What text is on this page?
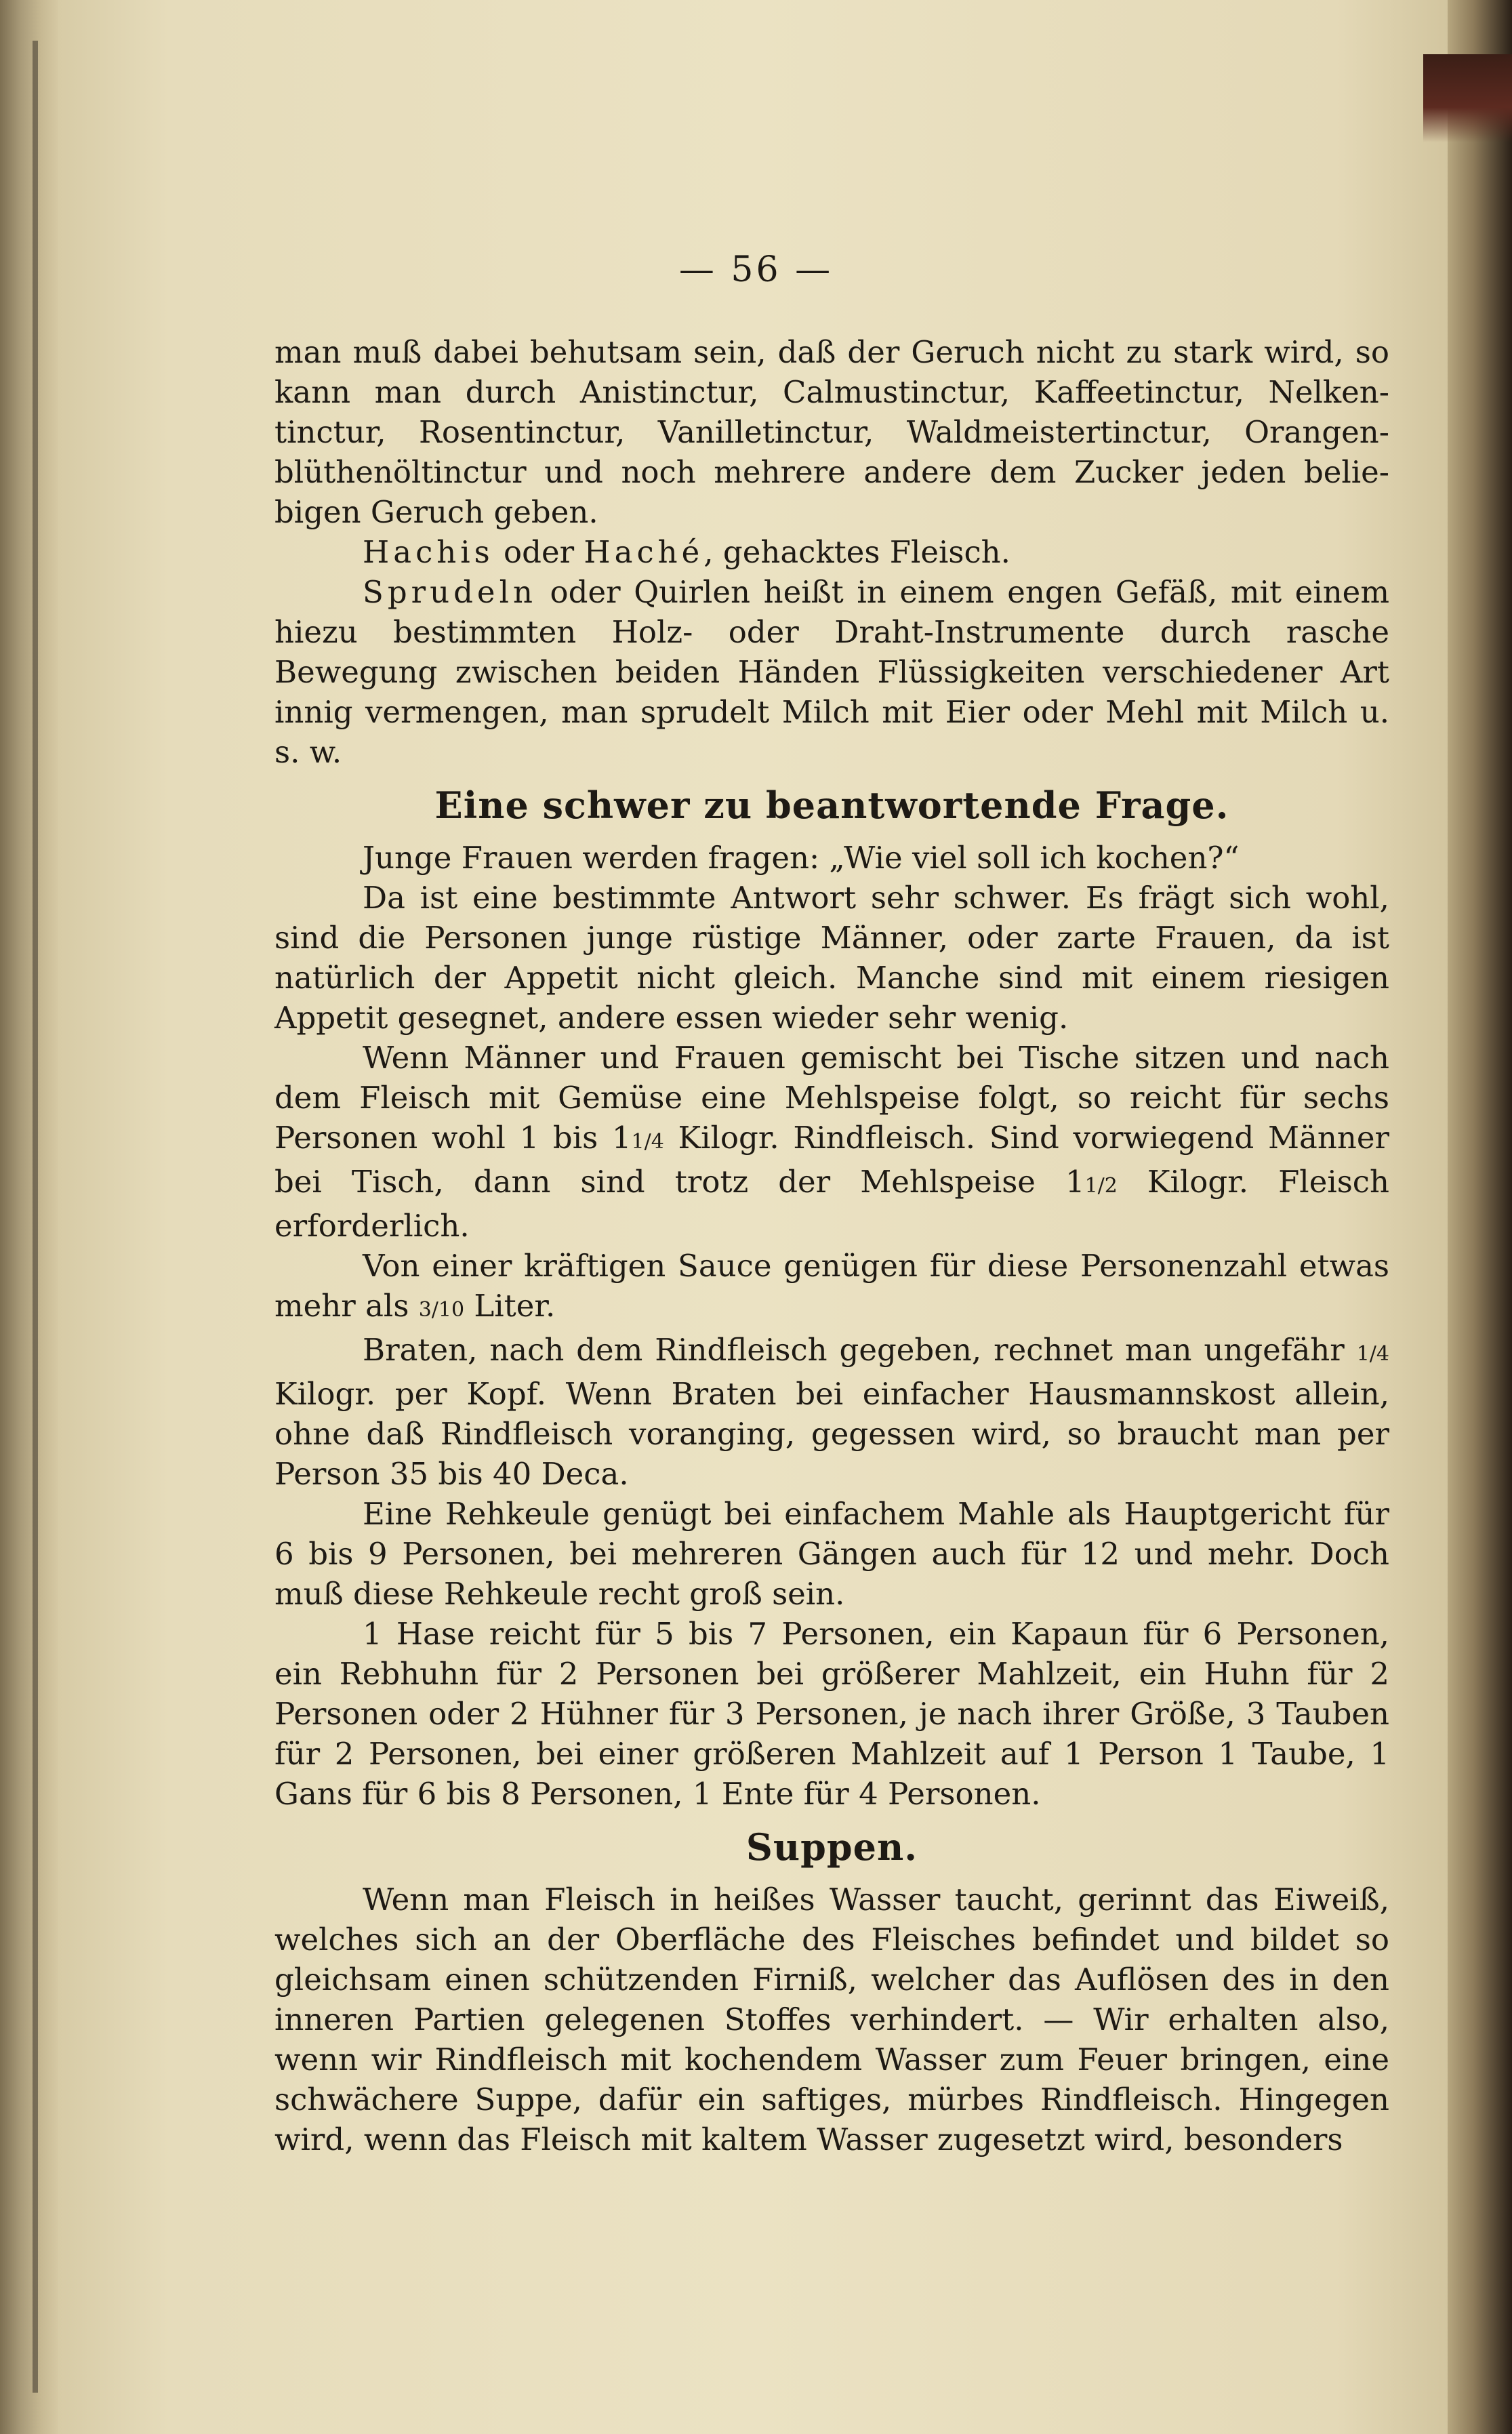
— 56 —

man muß dabei behutsam sein, daß der Geruch nicht zu stark wird, so kann man durch Anistinctur, Calmustinctur, Kaffeetinctur, Nelken-tinctur, Rosentinctur, Vanilletinctur, Waldmeistertinctur, Orangen-blüthenöltinctur und noch mehrere andere dem Zucker jeden belie-bigen Geruch geben.

Hachis oder Haché, gehacktes Fleisch.

Sprudeln oder Quirlen heißt in einem engen Gefäß, mit einem hiezu bestimmten Holz- oder Draht-Instrumente durch rasche Bewegung zwischen beiden Händen Flüssigkeiten verschiedener Art innig vermengen, man sprudelt Milch mit Eier oder Mehl mit Milch u. s. w.

Eine schwer zu beantwortende Frage.

Junge Frauen werden fragen: „Wie viel soll ich kochen?“

Da ist eine bestimmte Antwort sehr schwer. Es frägt sich wohl, sind die Personen junge rüstige Männer, oder zarte Frauen, da ist natürlich der Appetit nicht gleich. Manche sind mit einem riesigen Appetit gesegnet, andere essen wieder sehr wenig.

Wenn Männer und Frauen gemischt bei Tische sitzen und nach dem Fleisch mit Gemüse eine Mehlspeise folgt, so reicht für sechs Personen wohl 1 bis 11/4 Kilogr. Rindfleisch. Sind vorwiegend Männer bei Tisch, dann sind trotz der Mehlspeise 11/2 Kilogr. Fleisch erforderlich.

Von einer kräftigen Sauce genügen für diese Personenzahl etwas mehr als 3/10 Liter.

Braten, nach dem Rindfleisch gegeben, rechnet man ungefähr 1/4 Kilogr. per Kopf. Wenn Braten bei einfacher Hausmannskost allein, ohne daß Rindfleisch voranging, gegessen wird, so braucht man per Person 35 bis 40 Deca.

Eine Rehkeule genügt bei einfachem Mahle als Hauptgericht für 6 bis 9 Personen, bei mehreren Gängen auch für 12 und mehr. Doch muß diese Rehkeule recht groß sein.

1 Hase reicht für 5 bis 7 Personen, ein Kapaun für 6 Personen, ein Rebhuhn für 2 Personen bei größerer Mahlzeit, ein Huhn für 2 Personen oder 2 Hühner für 3 Personen, je nach ihrer Größe, 3 Tauben für 2 Personen, bei einer größeren Mahlzeit auf 1 Person 1 Taube, 1 Gans für 6 bis 8 Personen, 1 Ente für 4 Personen.

Suppen.

Wenn man Fleisch in heißes Wasser taucht, gerinnt das Eiweiß, welches sich an der Oberfläche des Fleisches befindet und bildet so gleichsam einen schützenden Firniß, welcher das Auflösen des in den inneren Partien gelegenen Stoffes verhindert. — Wir erhalten also, wenn wir Rindfleisch mit kochendem Wasser zum Feuer bringen, eine schwächere Suppe, dafür ein saftiges, mürbes Rindfleisch. Hingegen wird, wenn das Fleisch mit kaltem Wasser zugesetzt wird, besonders
